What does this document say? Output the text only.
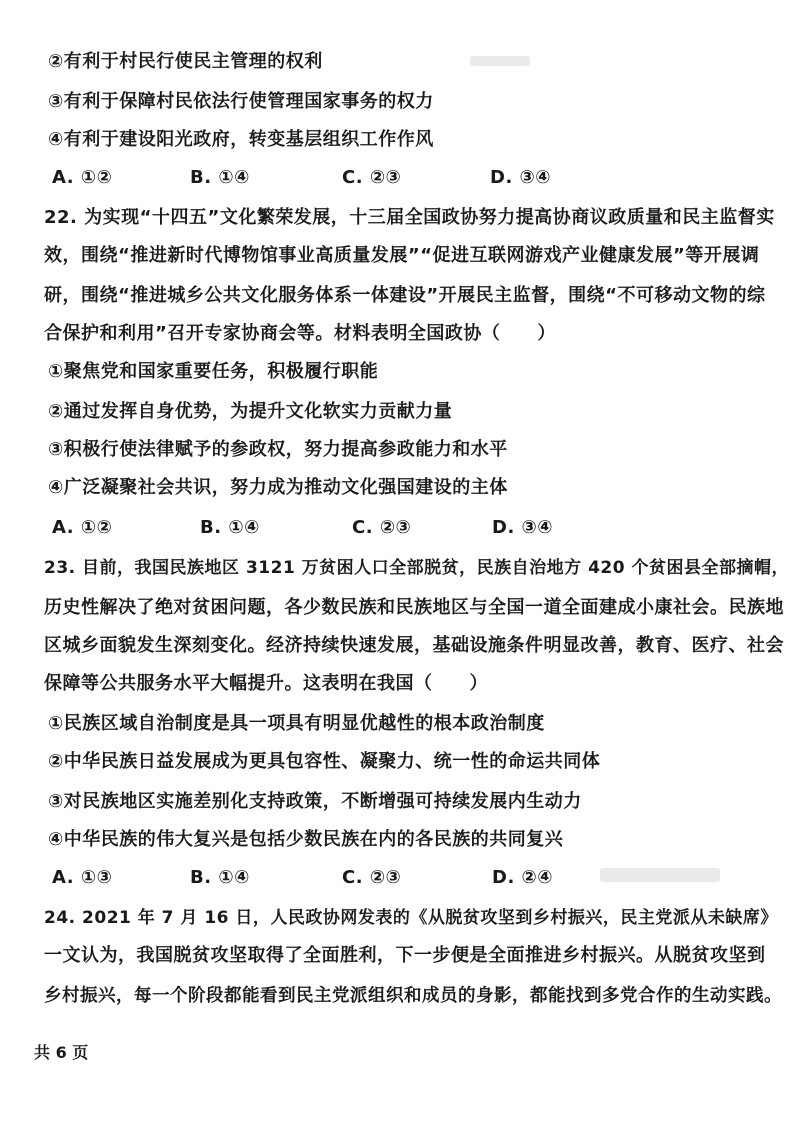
②有利于村民行使民主管理的权利
③有利于保障村民依法行使管理国家事务的权力
④有利于建设阳光政府，转变基层组织工作作风
A. ①②	B. ①④	C. ②③	D. ③④
22. 为实现“十四五”文化繁荣发展，十三届全国政协努力提高协商议政质量和民主监督实
效，围绕“推进新时代博物馆事业高质量发展”“促进互联网游戏产业健康发展”等开展调
研，围绕“推进城乡公共文化服务体系一体建设”开展民主监督，围绕“不可移动文物的综
合保护和利用”召开专家协商会等。材料表明全国政协（　　）
①聚焦党和国家重要任务，积极履行职能
②通过发挥自身优势，为提升文化软实力贡献力量
③积极行使法律赋予的参政权，努力提高参政能力和水平
④广泛凝聚社会共识，努力成为推动文化强国建设的主体
A. ①②	B. ①④	C. ②③	D. ③④
23. 目前，我国民族地区 3121 万贫困人口全部脱贫，民族自治地方 420 个贫困县全部摘帽，
历史性解决了绝对贫困问题，各少数民族和民族地区与全国一道全面建成小康社会。民族地
区城乡面貌发生深刻变化。经济持续快速发展，基础设施条件明显改善，教育、医疗、社会
保障等公共服务水平大幅提升。这表明在我国（　　）
①民族区域自治制度是具一项具有明显优越性的根本政治制度
②中华民族日益发展成为更具包容性、凝聚力、统一性的命运共同体
③对民族地区实施差别化支持政策，不断增强可持续发展内生动力
④中华民族的伟大复兴是包括少数民族在内的各民族的共同复兴
A. ①③	B. ①④	C. ②③	D. ②④
24. 2021 年 7 月 16 日，人民政协网发表的《从脱贫攻坚到乡村振兴，民主党派从未缺席》
一文认为，我国脱贫攻坚取得了全面胜利，下一步便是全面推进乡村振兴。从脱贫攻坚到
乡村振兴，每一个阶段都能看到民主党派组织和成员的身影，都能找到多党合作的生动实践。
共 6 页
